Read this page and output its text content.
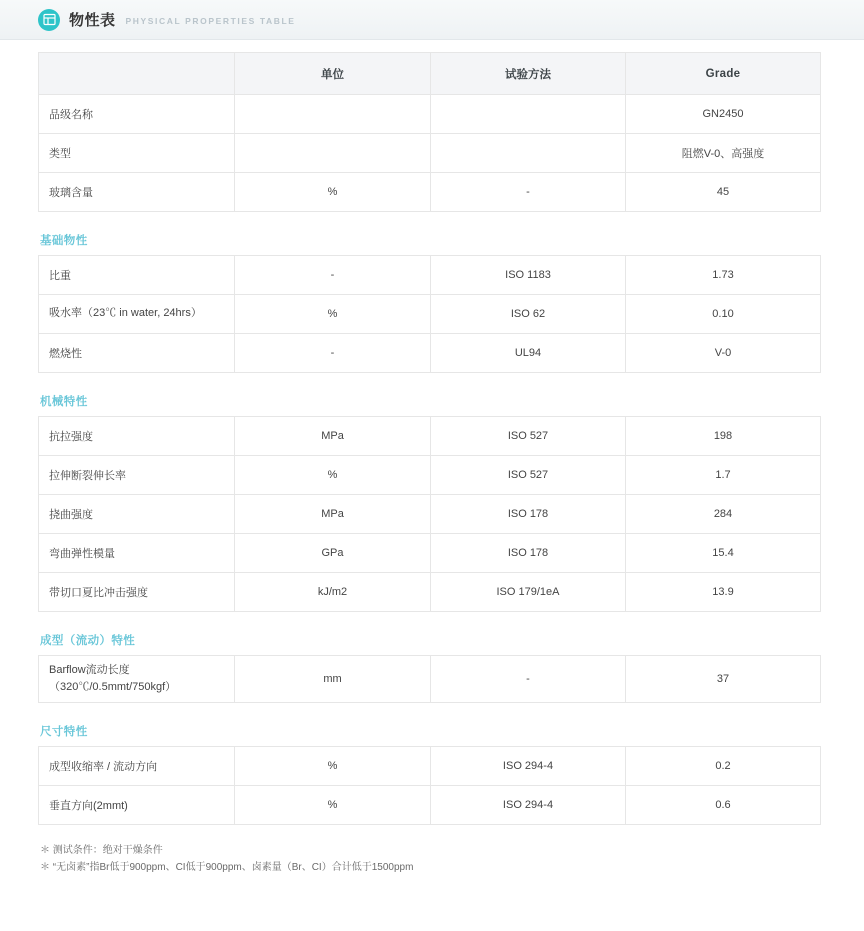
物性表 PHYSICAL PROPERTIES TABLE
	单位	试验方法	Grade
品级名称			GN2450
类型			阻燃V-0、高强度
玻璃含量	%	-	45
基础物性
比重	-	ISO 1183	1.73
吸水率（23℃ in water, 24hrs）	%	ISO 62	0.10
燃烧性	-	UL94	V-0
机械特性
抗拉强度	MPa	ISO 527	198
拉伸断裂伸长率	%	ISO 527	1.7
挠曲强度	MPa	ISO 178	284
弯曲弹性模量	GPa	ISO 178	15.4
带切口夏比冲击强度	kJ/m2	ISO 179/1eA	13.9
成型（流动）特性
Barflow流动长度（320℃/0.5mmt/750kgf）	mm	-	37
尺寸特性
成型收缩率 / 流动方向	%	ISO 294-4	0.2
垂直方向(2mmt)	%	ISO 294-4	0.6
＊ 测试条件：绝对干燥条件
＊ “无卤素”指Br低于900ppm、CI低于900ppm、卤素量（Br、CI）合计低于1500ppm
